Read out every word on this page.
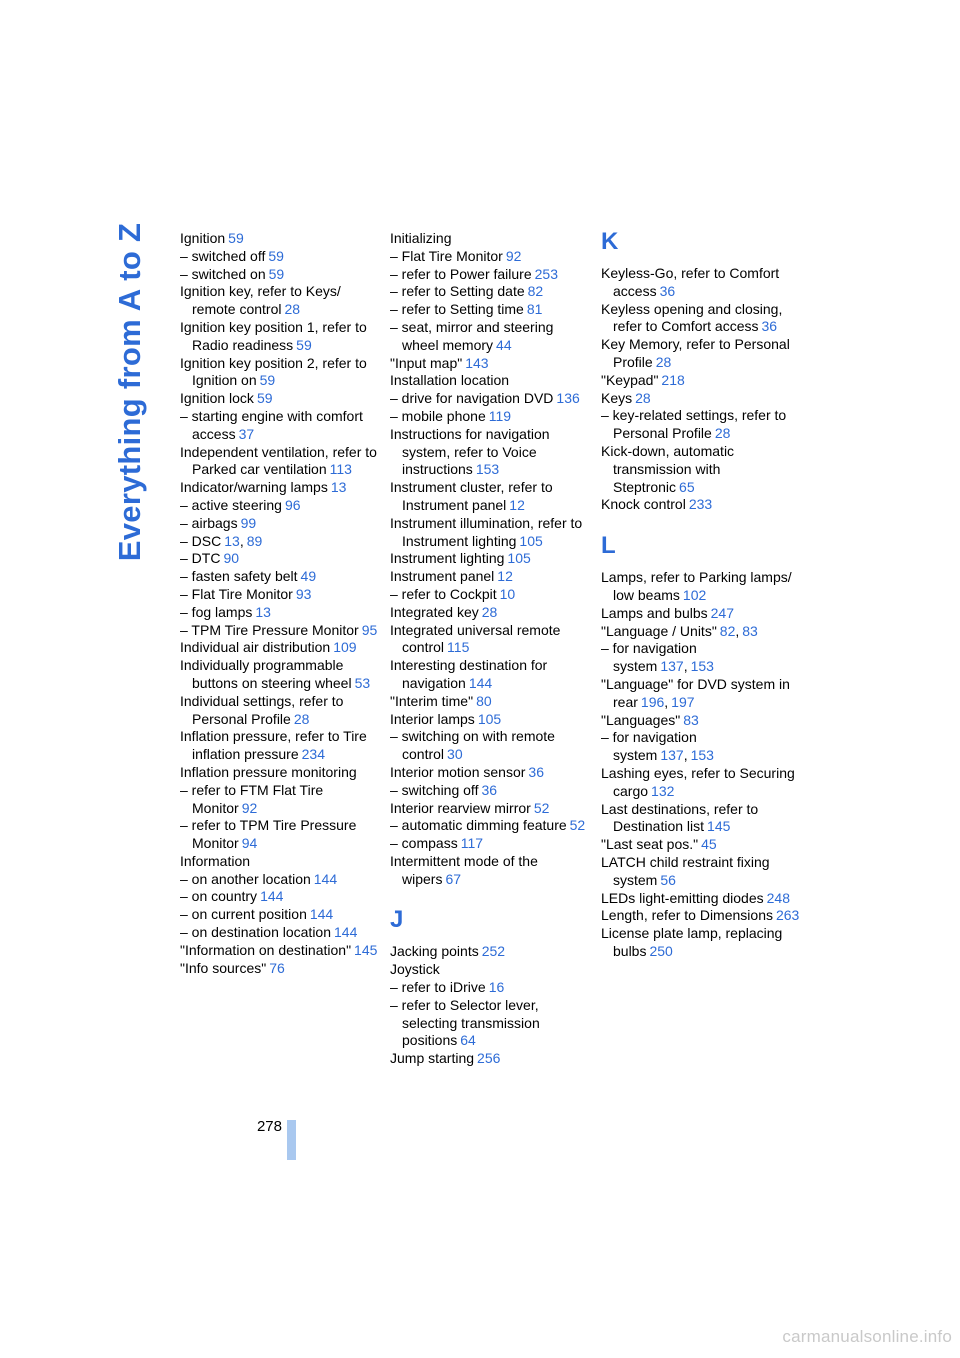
Everything from A to Z Ignition 59
– switched off 59
– switched on 59
Ignition key, refer to Keys/ remote control 28
Ignition key position 1, refer to Radio readiness 59
Ignition key position 2, refer to Ignition on 59
Ignition lock 59
– starting engine with comfort access 37
Independent ventilation, refer to Parked car ventilation 113
Indicator/warning lamps 13
– active steering 96
– airbags 99
– DSC 13, 89
– DTC 90
– fasten safety belt 49
– Flat Tire Monitor 93
– fog lamps 13
– TPM Tire Pressure Monitor 95
Individual air distribution 109
Individually programmable buttons on steering wheel 53
Individual settings, refer to Personal Profile 28
Inflation pressure, refer to Tire inflation pressure 234
Inflation pressure monitoring
– refer to FTM Flat Tire Monitor 92
– refer to TPM Tire Pressure Monitor 94
Information
– on another location 144
– on country 144
– on current position 144
– on destination location 144
"Information on destination" 145
"Info sources" 76
Initializing
– Flat Tire Monitor 92
– refer to Power failure 253
– refer to Setting date 82
– refer to Setting time 81
– seat, mirror and steering wheel memory 44
"Input map" 143
Installation location
– drive for navigation DVD 136
– mobile phone 119
Instructions for navigation system, refer to Voice instructions 153
Instrument cluster, refer to Instrument panel 12
Instrument illumination, refer to Instrument lighting 105
Instrument lighting 105
Instrument panel 12
– refer to Cockpit 10
Integrated key 28
Integrated universal remote control 115
Interesting destination for navigation 144
"Interim time" 80
Interior lamps 105
– switching on with remote control 30
Interior motion sensor 36
– switching off 36
Interior rearview mirror 52
– automatic dimming feature 52
– compass 117
Intermittent mode of the wipers 67
J
Jacking points 252
Joystick
– refer to iDrive 16
– refer to Selector lever, selecting transmission positions 64
Jump starting 256
K
Keyless-Go, refer to Comfort access 36
Keyless opening and closing, refer to Comfort access 36
Key Memory, refer to Personal Profile 28
"Keypad" 218
Keys 28
– key-related settings, refer to Personal Profile 28
Kick-down, automatic transmission with Steptronic 65
Knock control 233
L
Lamps, refer to Parking lamps/ low beams 102
Lamps and bulbs 247
"Language / Units" 82, 83
– for navigation system 137, 153
"Language" for DVD system in rear 196, 197
"Languages" 83
– for navigation system 137, 153
Lashing eyes, refer to Securing cargo 132
Last destinations, refer to Destination list 145
"Last seat pos." 45
LATCH child restraint fixing system 56
LEDs light-emitting diodes 248
Length, refer to Dimensions 263
License plate lamp, replacing bulbs 250
278
carmanualsonline.info
